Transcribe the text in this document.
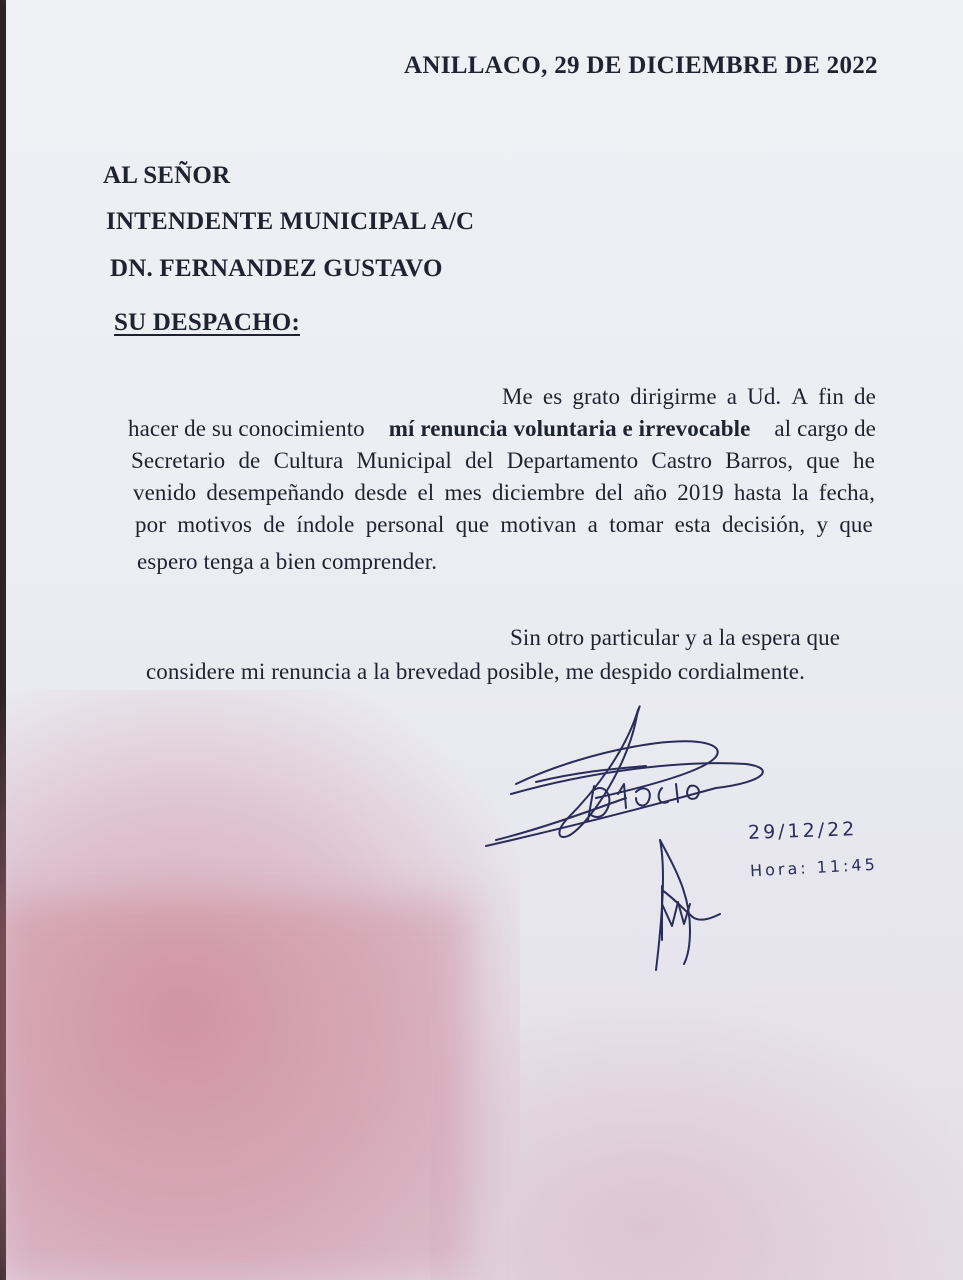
ANILLACO, 29 DE DICIEMBRE DE 2022
AL SEÑOR
INTENDENTE MUNICIPAL A/C
DN. FERNANDEZ GUSTAVO
SU DESPACHO:
Me es grato dirigirme a Ud. A fin de
hacer de su conocimiento mí renuncia voluntaria e irrevocable al cargo de
Secretario de Cultura Municipal del Departamento Castro Barros, que he
venido desempeñando desde el mes diciembre del año 2019 hasta la fecha,
por motivos de índole personal que motivan a tomar esta decisión, y que
espero tenga a bien comprender.
Sin otro particular y a la espera que
considere mi renuncia a la brevedad posible, me despido cordialmente.
29/12/22
Hora: 11:45
